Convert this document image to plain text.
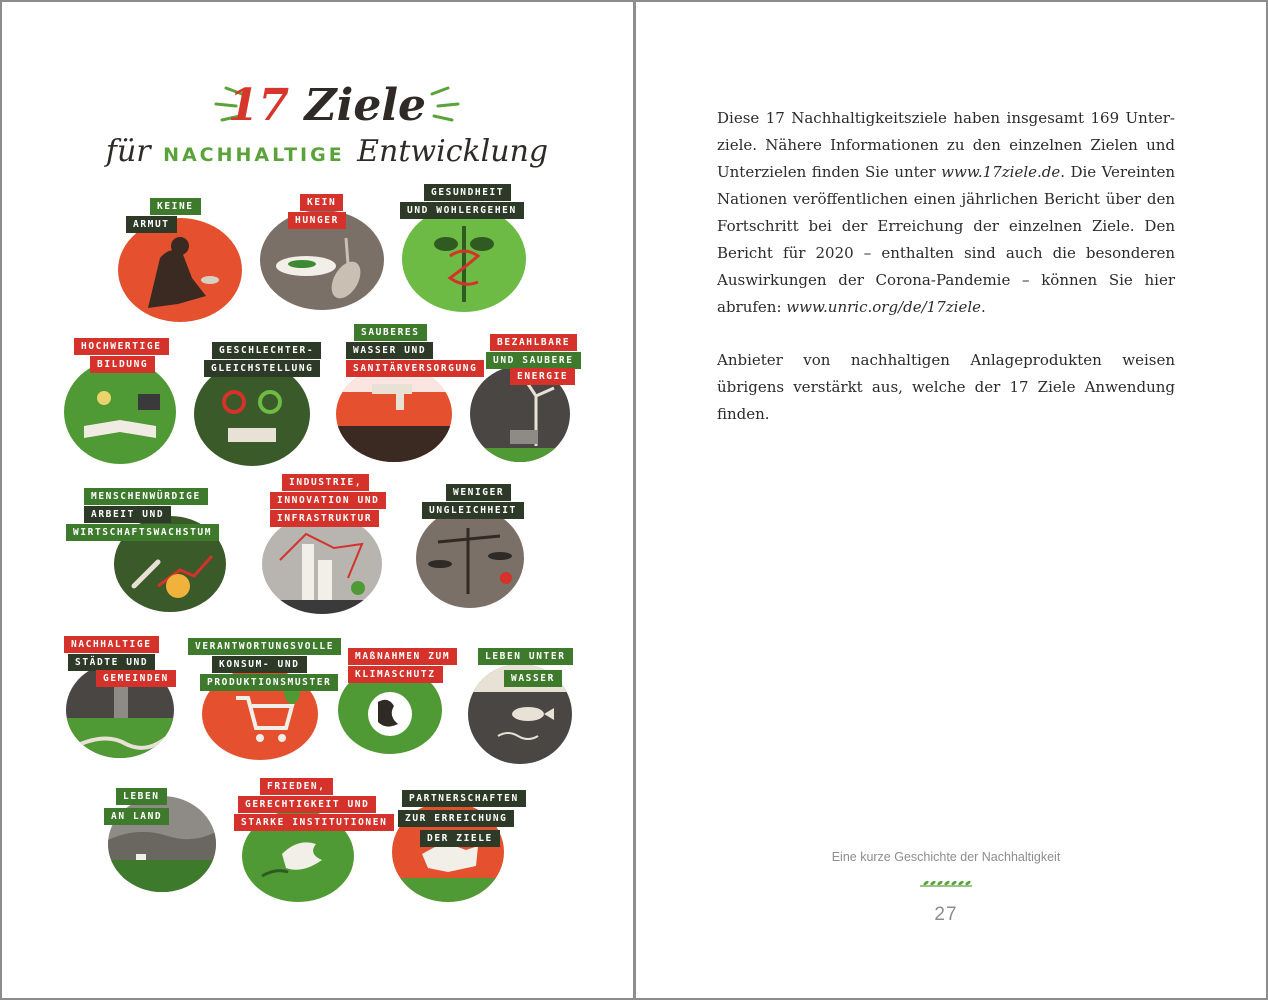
17 Ziele
für NACHHALTIGE Entwicklung
KEINE
ARMUT
KEIN
HUNGER
GESUNDHEIT
UND WOHLERGEHEN
HOCHWERTIGE
BILDUNG
GESCHLECHTER-
GLEICHSTELLUNG
SAUBERES
WASSER UND
SANITÄRVERSORGUNG
BEZAHLBARE
UND SAUBERE
ENERGIE
MENSCHENWÜRDIGE
ARBEIT UND
WIRTSCHAFTSWACHSTUM
INDUSTRIE,
INNOVATION UND
INFRASTRUKTUR
WENIGER
UNGLEICHHEIT
NACHHALTIGE
STÄDTE UND
GEMEINDEN
VERANTWORTUNGSVOLLE
KONSUM- UND
PRODUKTIONSMUSTER
MAßNAHMEN ZUM
KLIMASCHUTZ
LEBEN UNTER
WASSER
LEBEN
AN LAND
FRIEDEN,
GERECHTIGKEIT UND
STARKE INSTITUTIONEN
PARTNERSCHAFTEN
ZUR ERREICHUNG
DER ZIELE

Diese 17 Nachhaltigkeitsziele haben insgesamt 169 Unterziele. Nähere Informationen zu den einzelnen Zielen und Unterzielen finden Sie unter www.17ziele.de. Die Vereinten Nationen veröffentlichen einen jährlichen Bericht über den Fortschritt bei der Erreichung der einzelnen Ziele. Den Bericht für 2020 – enthalten sind auch die besonderen Auswirkungen der Corona-Pandemie – können Sie hier abrufen: www.unric.org/de/17ziele.

Anbieter von nachhaltigen Anlageprodukten weisen übrigens verstärkt aus, welche der 17 Ziele Anwendung finden.

Eine kurze Geschichte der Nachhaltigkeit
27
